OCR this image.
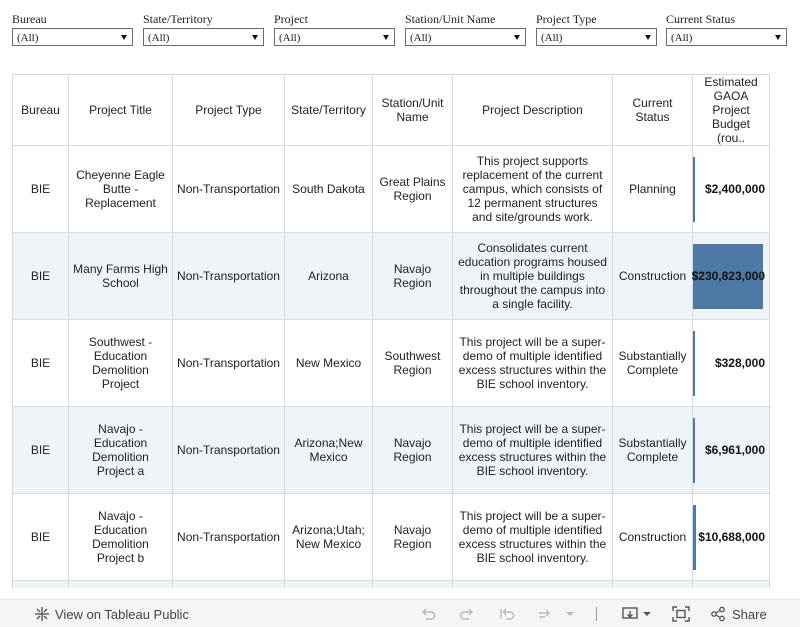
Bureau
(All)
State/Territory
(All)
Project
(All)
Station/Unit Name
(All)
Project Type
(All)
Current Status
(All)
Bureau	Project Title	Project Type	State/Territory	Station/Unit Name	Project Description	Current Status	Estimated GAOA Project Budget (rou..
BIE	Cheyenne Eagle Butte - Replacement	Non-Transportation	South Dakota	Great Plains Region	This project supports replacement of the current campus, which consists of 12 permanent structures and site/grounds work.	Planning	$2,400,000

BIE	Many Farms High School	Non-Transportation	Arizona	Navajo Region	Consolidates current education programs housed in multiple buildings throughout the campus into a single facility.	Construction	$230,823,000

BIE	Southwest - Education Demolition Project	Non-Transportation	New Mexico	Southwest Region	This project will be a super-demo of multiple identified excess structures within the BIE school inventory.	Substantially Complete	$328,000

BIE	Navajo - Education Demolition Project a	Non-Transportation	Arizona;New Mexico	Navajo Region	This project will be a super-demo of multiple identified excess structures within the BIE school inventory.	Substantially Complete	$6,961,000

BIE	Navajo - Education Demolition Project b	Non-Transportation	Arizona;Utah; New Mexico	Navajo Region	This project will be a super-demo of multiple identified excess structures within the BIE school inventory.	Construction	$10,688,000

View on Tableau Public	Share
